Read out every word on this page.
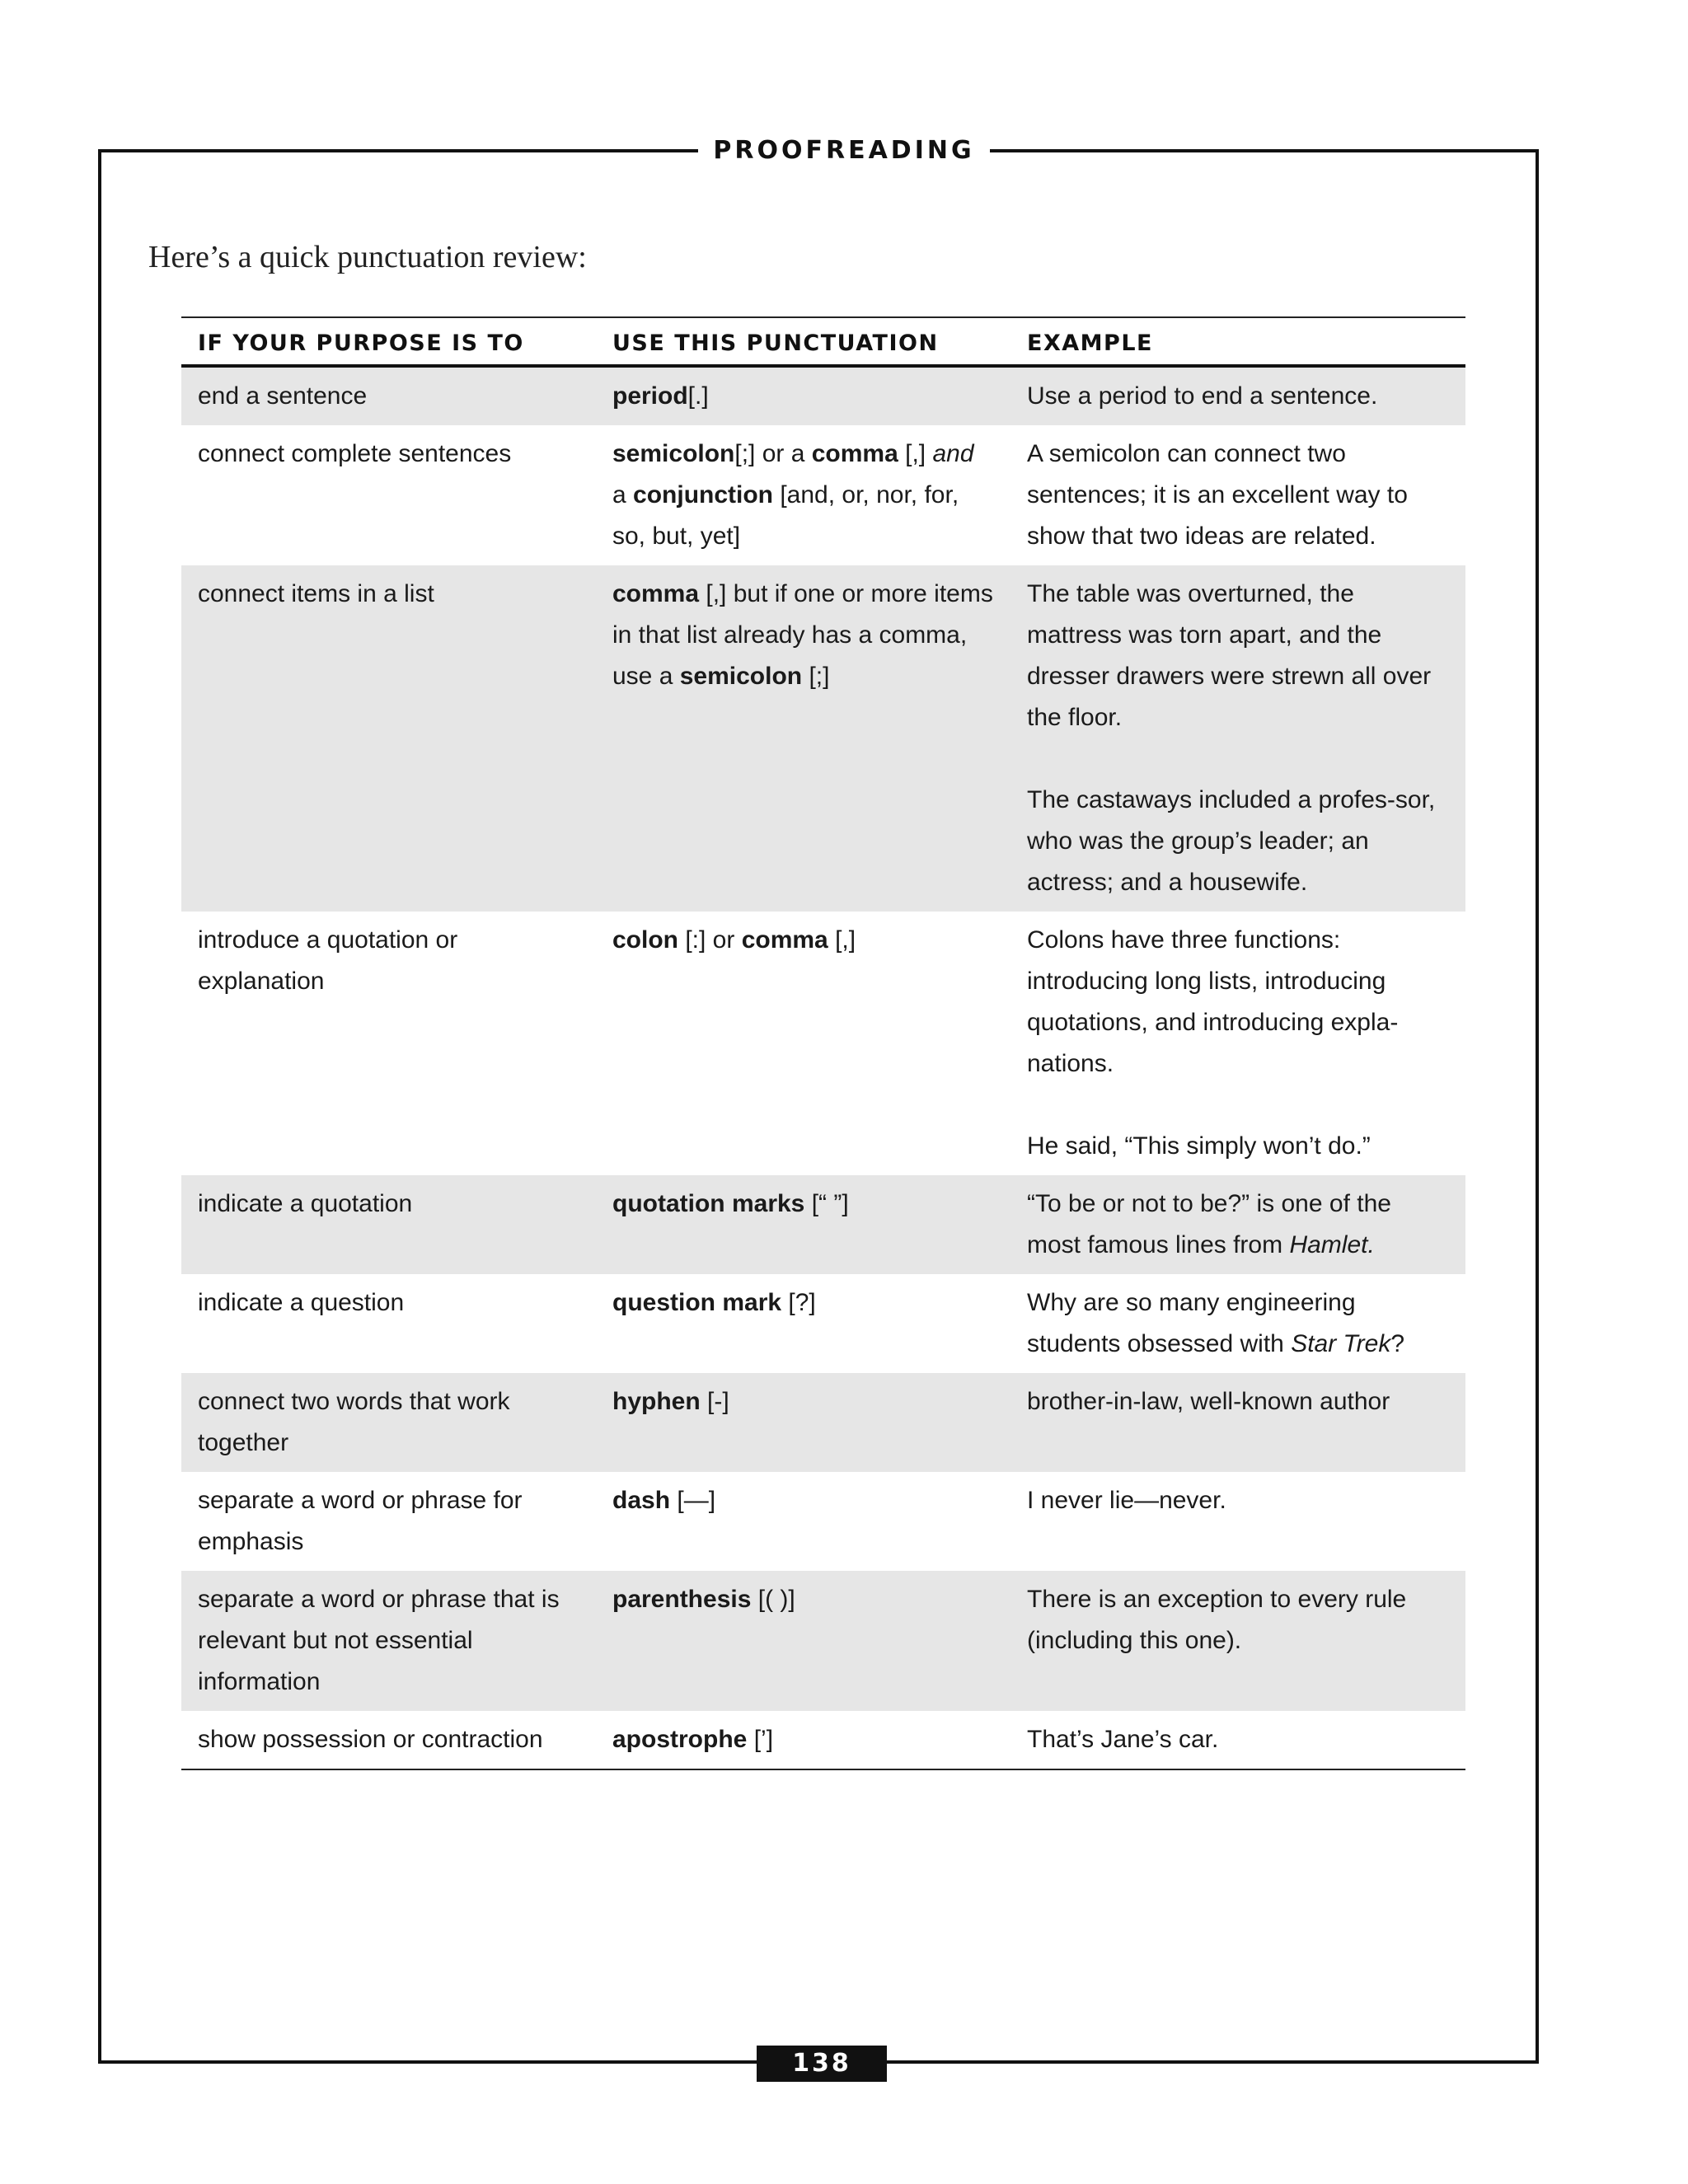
PROOFREADING

Here’s a quick punctuation review:

IF YOUR PURPOSE IS TO	USE THIS PUNCTUATION	EXAMPLE
end a sentence	period[.]	Use a period to end a sentence.

connect complete sentences	semicolon[;] or a comma [,] and a conjunction [and, or, nor, for, so, but, yet]	A semicolon can connect two sentences; it is an excellent way to show that two ideas are related.

connect items in a list	comma [,] but if one or more items in that list already has a comma, use a semicolon [;]	The table was overturned, the mattress was torn apart, and the dresser drawers were strewn all over the floor.
The castaways included a profes-sor, who was the group’s leader; an actress; and a housewife.

introduce a quotation or explanation	colon [:] or comma [,]	Colons have three functions: introducing long lists, introducing quotations, and introducing expla-nations.
He said, “This simply won’t do.”

indicate a quotation	quotation marks [“ ”]	“To be or not to be?” is one of the most famous lines from Hamlet.

indicate a question	question mark [?]	Why are so many engineering students obsessed with Star Trek?

connect two words that work together	hyphen [-]	brother-in-law, well-known author

separate a word or phrase for emphasis	dash [—]	I never lie—never.

separate a word or phrase that is relevant but not essential information	parenthesis [( )]	There is an exception to every rule (including this one).

show possession or contraction	apostrophe [’]	That’s Jane’s car.
138
